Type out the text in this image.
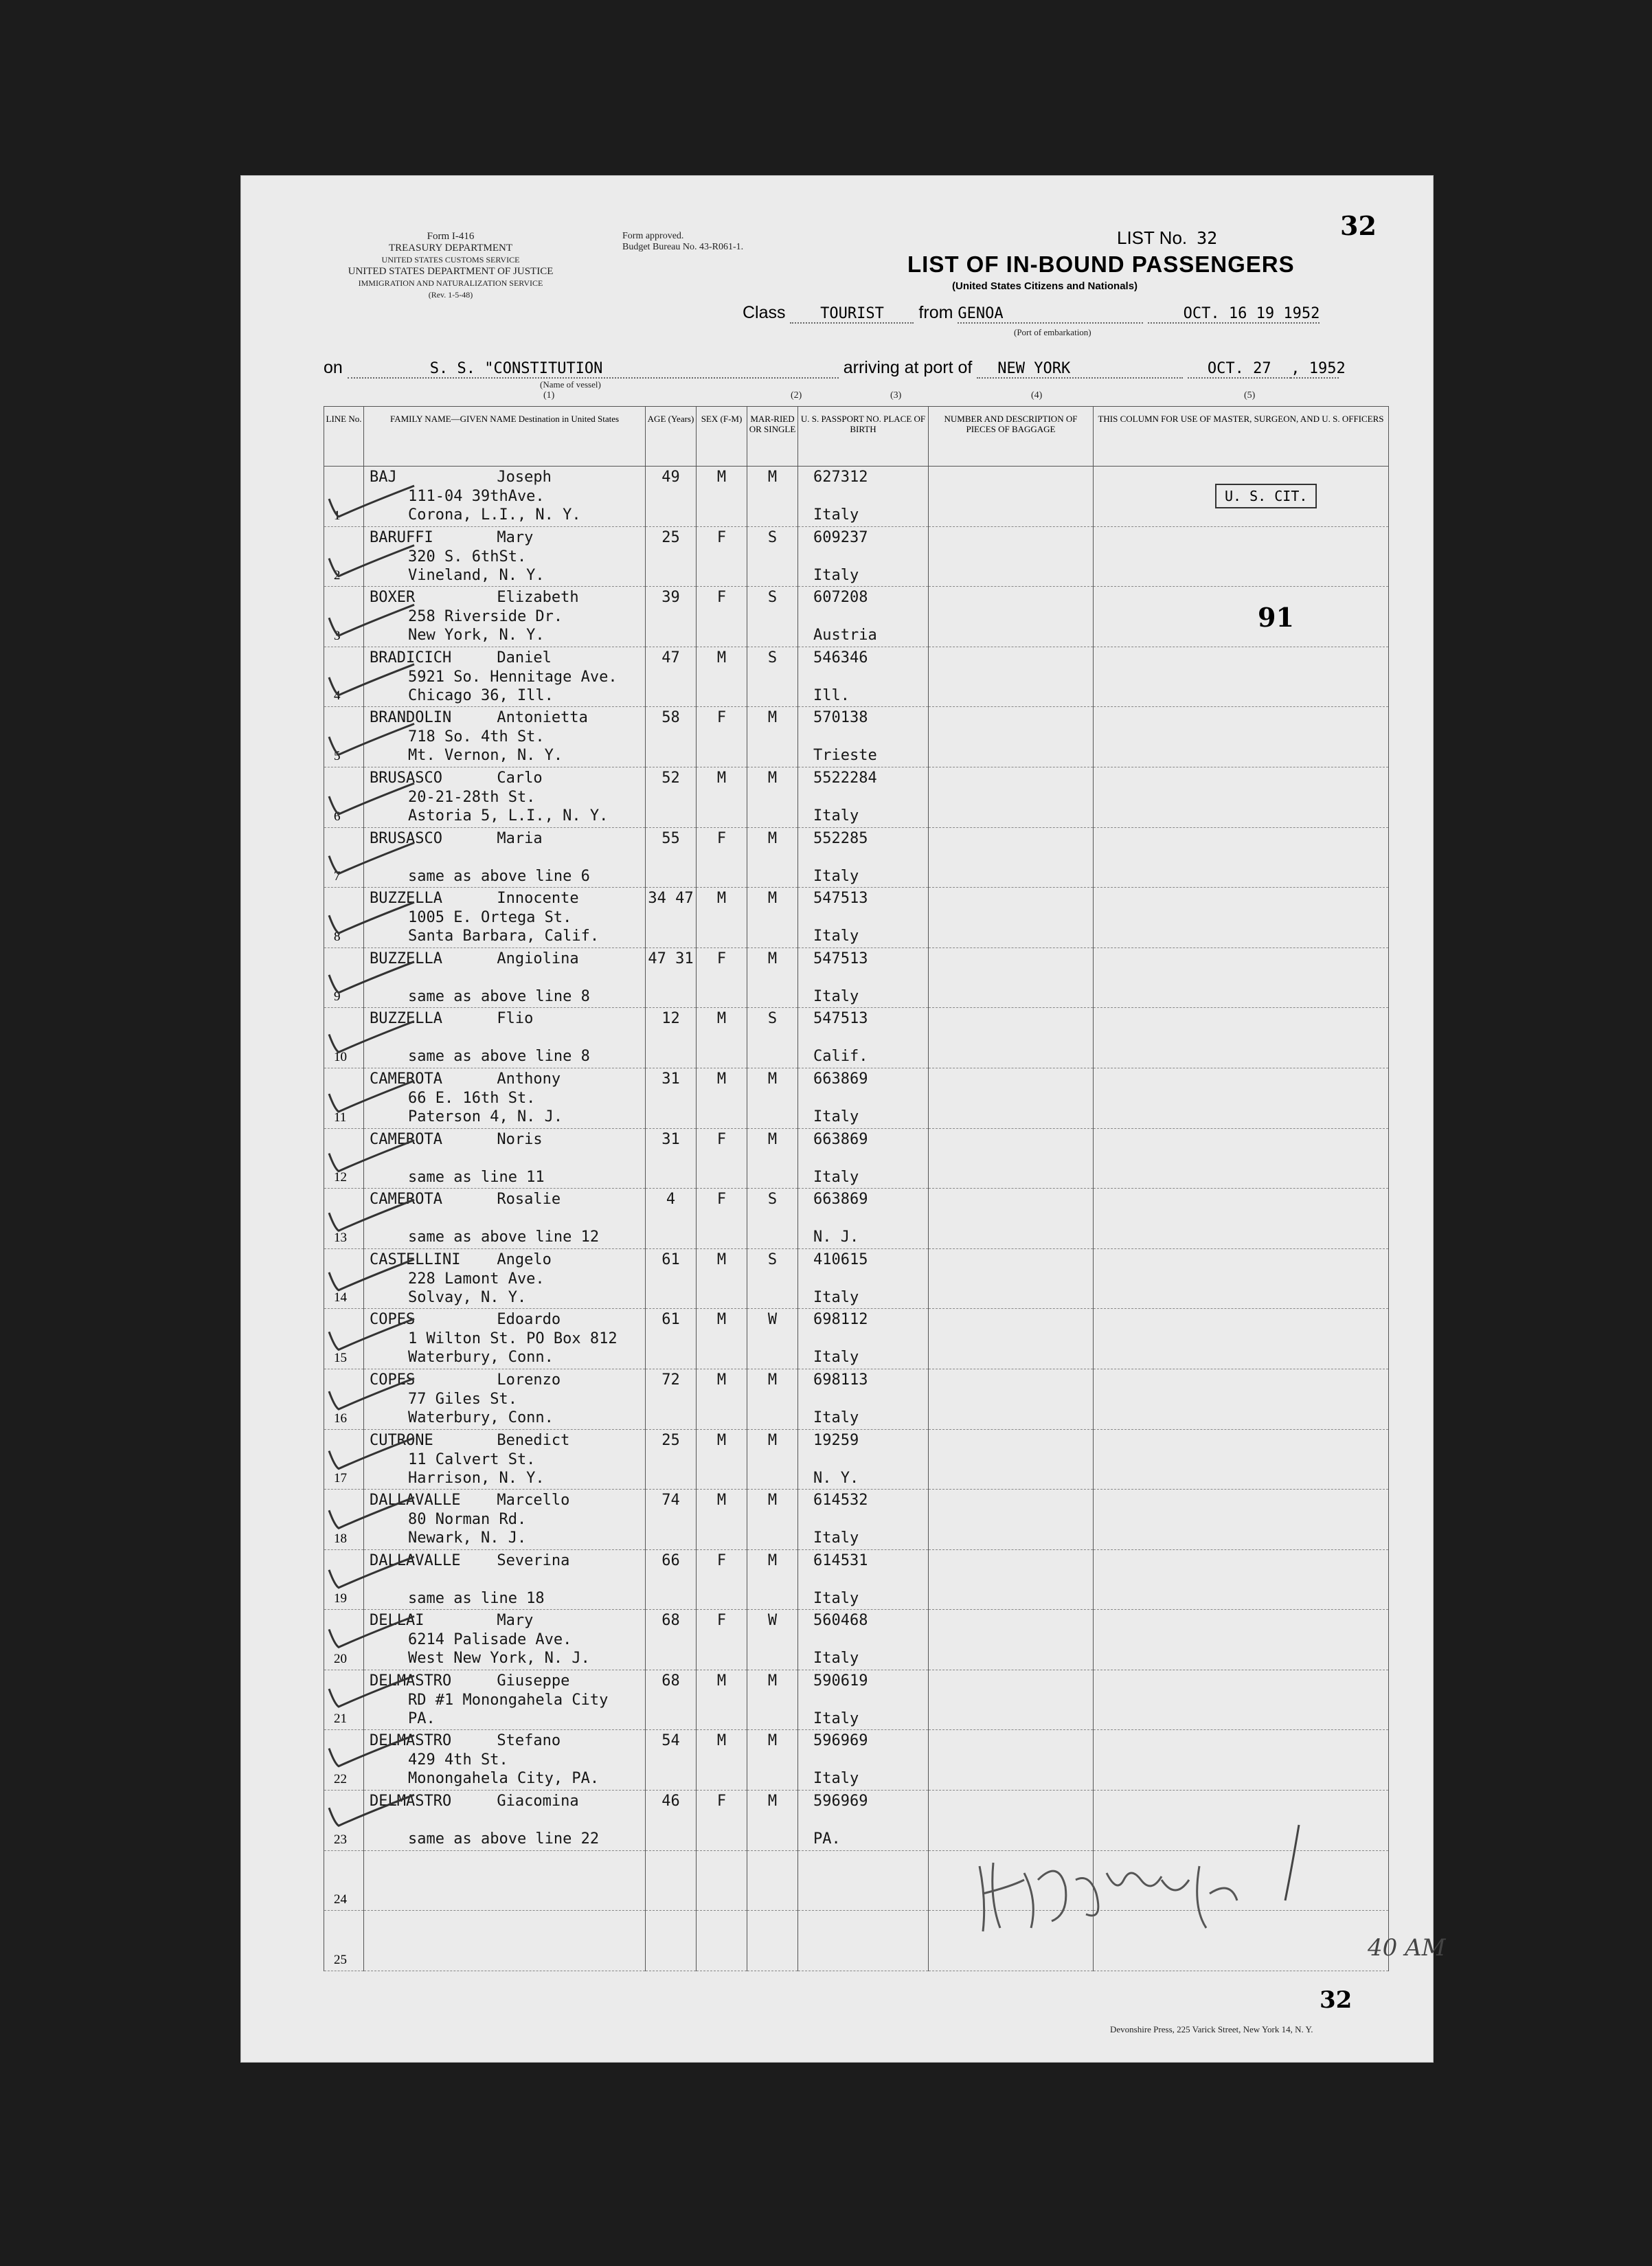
Form I-416
TREASURY DEPARTMENT
UNITED STATES CUSTOMS SERVICE
UNITED STATES DEPARTMENT OF JUSTICE
IMMIGRATION AND NATURALIZATION SERVICE
(Rev. 1-5-48)
Form approved.
Budget Bureau No. 43-R061-1.	LIST No. 32	32
LIST OF IN-BOUND PASSENGERS
(United States Citizens and Nationals)
Class TOURIST from GENOA	OCT. 16 19 1952
(Port of embarkation)
on	S. S. "CONSTITUTION	arriving at port of NEW YORK	OCT. 27 , 1952
(Name of vessel)
(1)	(2)	(3)	(4)	(5)
LINE No.	FAMILY NAME—GIVEN NAME Destination in United States	AGE (Years)	SEX (F-M)	MAR-RIED OR SINGLE	U. S. PASSPORT NO. PLACE OF BIRTH	NUMBER AND DESCRIPTION OF PIECES OF BAGGAGE	THIS COLUMN FOR USE OF MASTER, SURGEON, AND U. S. OFFICERS

1	BAJ           Joseph
111-04 39thAve.
Corona, L.I., N. Y.	49	M	M	627312
Italy		

2	BARUFFI       Mary
320 S. 6thSt.
Vineland, N. Y.	25	F	S	609237
Italy		

3	BOXER         Elizabeth
258 Riverside Dr.
New York, N. Y.	39	F	S	607208
Austria		

4	BRADICICH     Daniel
5921 So. Hennitage Ave.
Chicago 36, Ill.	47	M	S	546346
Ill.		

5	BRANDOLIN     Antonietta
718 So. 4th St.
Mt. Vernon, N. Y.	58	F	M	570138
Trieste		

6	BRUSASCO      Carlo
20-21-28th St.
Astoria 5, L.I., N. Y.	52	M	M	5522284
Italy		

7	BRUSASCO      Maria
same as above line 6	55	F	M	552285
Italy		

8	BUZZELLA      Innocente
1005 E. Ortega St.
Santa Barbara, Calif.	34 47	M	M	547513
Italy		

9	BUZZELLA      Angiolina
same as above line 8	47 31	F	M	547513
Italy		

10	BUZZELLA      Flio
same as above line 8	12	M	S	547513
Calif.		

11	CAMEROTA      Anthony
66 E. 16th St.
Paterson 4, N. J.	31	M	M	663869
Italy		

12	CAMEROTA      Noris
same as line 11	31	F	M	663869
Italy		

13	CAMEROTA      Rosalie
same as above line 12	4	F	S	663869
N. J.		

14	CASTELLINI    Angelo
228 Lamont Ave.
Solvay, N. Y.	61	M	S	410615
Italy		

15	COPES         Edoardo
1 Wilton St. PO Box 812
Waterbury, Conn.	61	M	W	698112
Italy		

16	COPES         Lorenzo
77 Giles St.
Waterbury, Conn.	72	M	M	698113
Italy		

17	CUTRONE       Benedict
11 Calvert St.
Harrison, N. Y.	25	M	M	19259
N. Y.		

18	DALLAVALLE    Marcello
80 Norman Rd.
Newark, N. J.	74	M	M	614532
Italy		

19	DALLAVALLE    Severina
same as line 18	66	F	M	614531
Italy		

20	DELLAI        Mary
6214 Palisade Ave.
West New York, N. J.	68	F	W	560468
Italy		

21	DELMASTRO     Giuseppe
RD #1 Monongahela City
PA.	68	M	M	590619
Italy		

22	DELMASTRO     Stefano
429 4th St.
Monongahela City, PA.	54	M	M	596969
Italy		

23	DELMASTRO     Giacomina
same as above line 22	46	F	M	596969
PA.		

24							

25							

U. S. CIT.
91
32
Devonshire Press, 225 Varick Street, New York 14, N. Y.
40 AM
